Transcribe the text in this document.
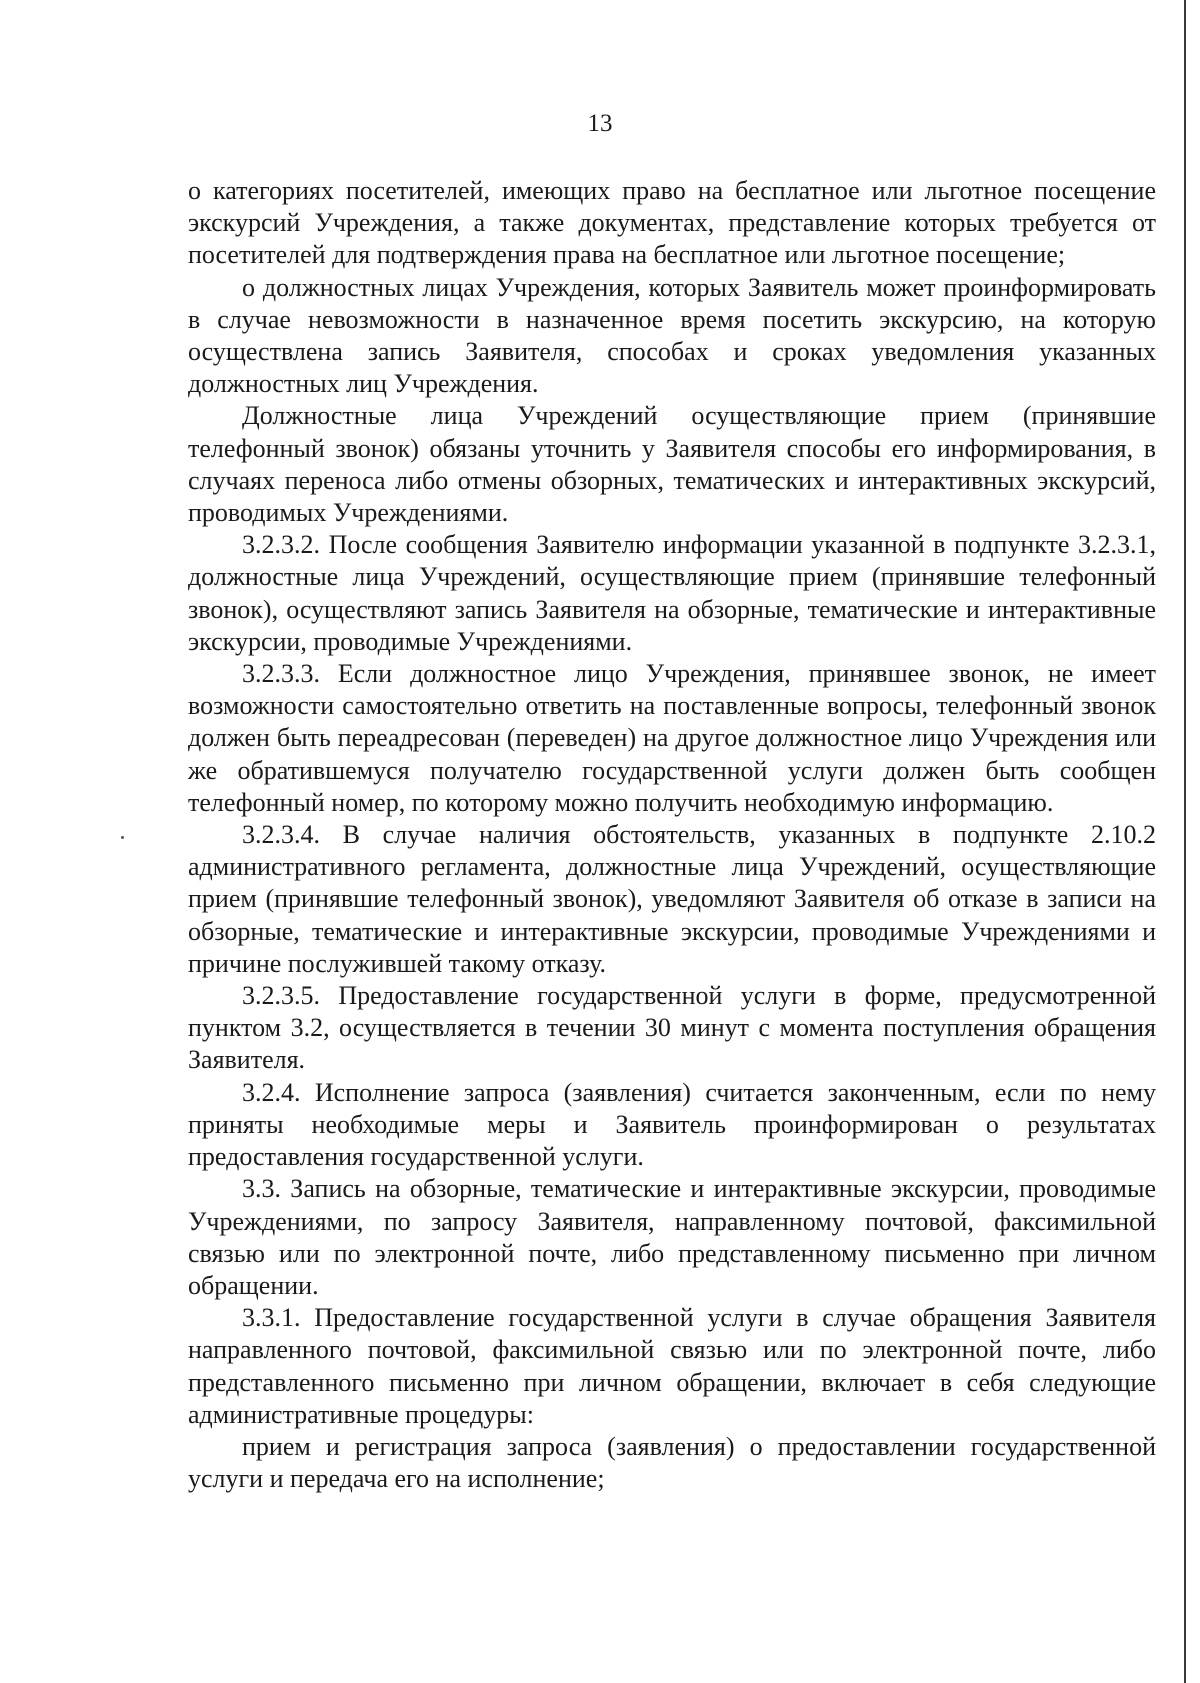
13

о категориях посетителей, имеющих право на бесплатное или льготное посещение экскурсий Учреждения, а также документах, представление которых требуется от посетителей для подтверждения права на бесплатное или льготное посещение;

о должностных лицах Учреждения, которых Заявитель может проинформировать в случае невозможности в назначенное время посетить экскурсию, на которую осуществлена запись Заявителя, способах и сроках уведомления указанных должностных лиц Учреждения.

Должностные лица Учреждений осуществляющие прием (принявшие телефонный звонок) обязаны уточнить у Заявителя способы его информирования, в случаях переноса либо отмены обзорных, тематических и интерактивных экскурсий, проводимых Учреждениями.

3.2.3.2. После сообщения Заявителю информации указанной в подпункте 3.2.3.1, должностные лица Учреждений, осуществляющие прием (принявшие телефонный звонок), осуществляют запись Заявителя на обзорные, тематические и интерактивные экскурсии, проводимые Учреждениями.

3.2.3.3. Если должностное лицо Учреждения, принявшее звонок, не имеет возможности самостоятельно ответить на поставленные вопросы, телефонный звонок должен быть переадресован (переведен) на другое должностное лицо Учреждения или же обратившемуся получателю государственной услуги должен быть сообщен телефонный номер, по которому можно получить необходимую информацию.

3.2.3.4. В случае наличия обстоятельств, указанных в подпункте 2.10.2 административного регламента, должностные лица Учреждений, осуществляющие прием (принявшие телефонный звонок), уведомляют Заявителя об отказе в записи на обзорные, тематические и интерактивные экскурсии, проводимые Учреждениями и причине послужившей такому отказу.

3.2.3.5. Предоставление государственной услуги в форме, предусмотренной пунктом 3.2, осуществляется в течении 30 минут с момента поступления обращения Заявителя.

3.2.4. Исполнение запроса (заявления) считается законченным, если по нему приняты необходимые меры и Заявитель проинформирован о результатах предоставления государственной услуги.

3.3. Запись на обзорные, тематические и интерактивные экскурсии, проводимые Учреждениями, по запросу Заявителя, направленному почтовой, факсимильной связью или по электронной почте, либо представленному письменно при личном обращении.

3.3.1. Предоставление государственной услуги в случае обращения Заявителя направленного почтовой, факсимильной связью или по электронной почте, либо представленного письменно при личном обращении, включает в себя следующие административные процедуры:

прием и регистрация запроса (заявления) о предоставлении государственной услуги и передача его на исполнение;
